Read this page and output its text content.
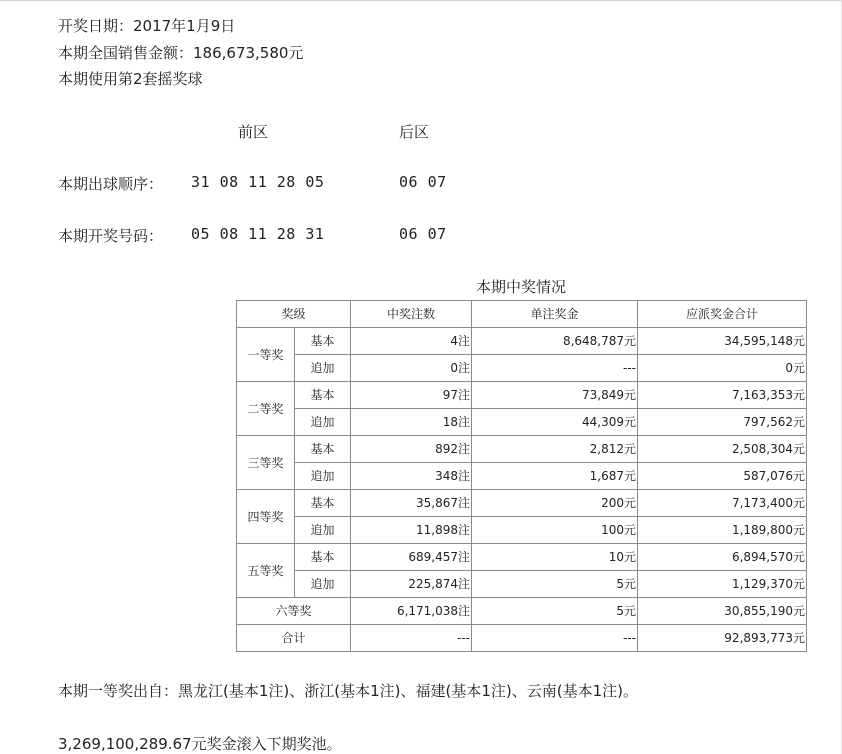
开奖日期：2017年1月9日
本期全国销售金额：186,673,580元
本期使用第2套摇奖球
前区	后区
本期出球顺序： 31 08 11 28 05	06 07
本期开奖号码： 05 08 11 28 31	06 07
本期中奖情况
奖级		中奖注数	单注奖金	应派奖金合计
一等奖	基本	4注	8,648,787元	34,595,148元
	追加	0注	---	0元
二等奖	基本	97注	73,849元	7,163,353元
	追加	18注	44,309元	797,562元
三等奖	基本	892注	2,812元	2,508,304元
	追加	348注	1,687元	587,076元
四等奖	基本	35,867注	200元	7,173,400元
	追加	11,898注	100元	1,189,800元
五等奖	基本	689,457注	10元	6,894,570元
	追加	225,874注	5元	1,129,370元
六等奖		6,171,038注	5元	30,855,190元
合计		---	---	92,893,773元
本期一等奖出自：黑龙江(基本1注)、浙江(基本1注)、福建(基本1注)、云南(基本1注)。
3,269,100,289.67元奖金滚入下期奖池。
